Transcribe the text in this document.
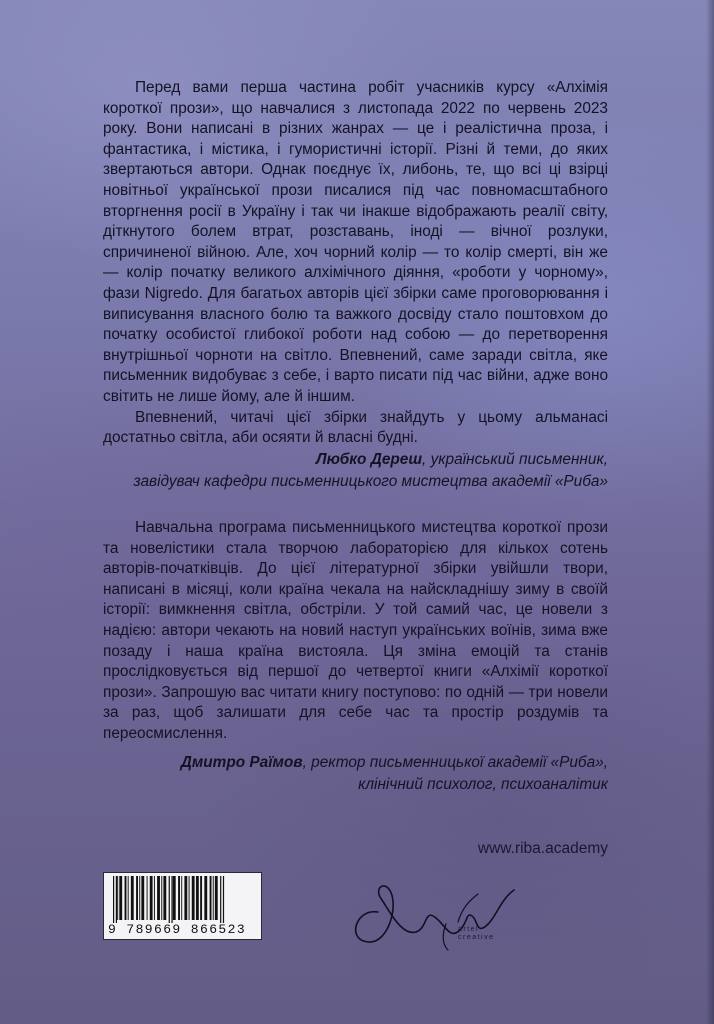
Перед вами перша частина робіт учасників курсу «Алхімія короткої прози», що навчалися з листопада 2022 по червень 2023 року. Вони написані в різних жанрах — це і реалістична проза, і фантастика, і містика, і гумористичні історії. Різні й теми, до яких звертаються автори. Однак поєднує їх, либонь, те, що всі ці взірці новітньої української прози писалися під час повномасштабного вторгнення росії в Україну і так чи інакше відображають реалії світу, діткнутого болем втрат, розставань, іноді — вічної розлуки, спричиненої війною. Але, хоч чорний колір — то колір смерті, він же — колір початку великого алхімічного діяння, «роботи у чорному», фази Nigredo. Для багатьох авторів цієї збірки саме проговорювання і виписування власного болю та важкого досвіду стало поштовхом до початку особистої глибокої роботи над собою — до перетворення внутрішньої чорноти на світло. Впевнений, саме заради світла, яке письменник видобуває з себе, і варто писати під час війни, адже воно світить не лише йому, але й іншим.

Впевнений, читачі цієї збірки знайдуть у цьому альманасі достатньо світла, аби осяяти й власні будні.

Любко Дереш, український письменник,
завідувач кафедри письменницького мистецтва академії «Риба»

Навчальна програма письменницького мистецтва короткої прози та новелістики стала творчою лабораторією для кількох сотень авторів-початківців. До цієї літературної збірки увійшли твори, написані в місяці, коли країна чекала на найскладнішу зиму в своїй історії: вимкнення світла, обстріли. У той самий час, це новели з надією: автори чекають на новий наступ українських воїнів, зима вже позаду і наша країна вистояла. Ця зміна емоцій та станів прослідковується від першої до четвертої книги «Алхімії короткої прози». Запрошую вас читати книгу поступово: по одній — три новели за раз, щоб залишати для себе час та простір роздумів та переосмислення.

Дмитро Раїмов, ректор письменницької академії «Риба»,
клінічний психолог, психоаналітик
www.riba.academy
9 789669 866523	artel
creative
